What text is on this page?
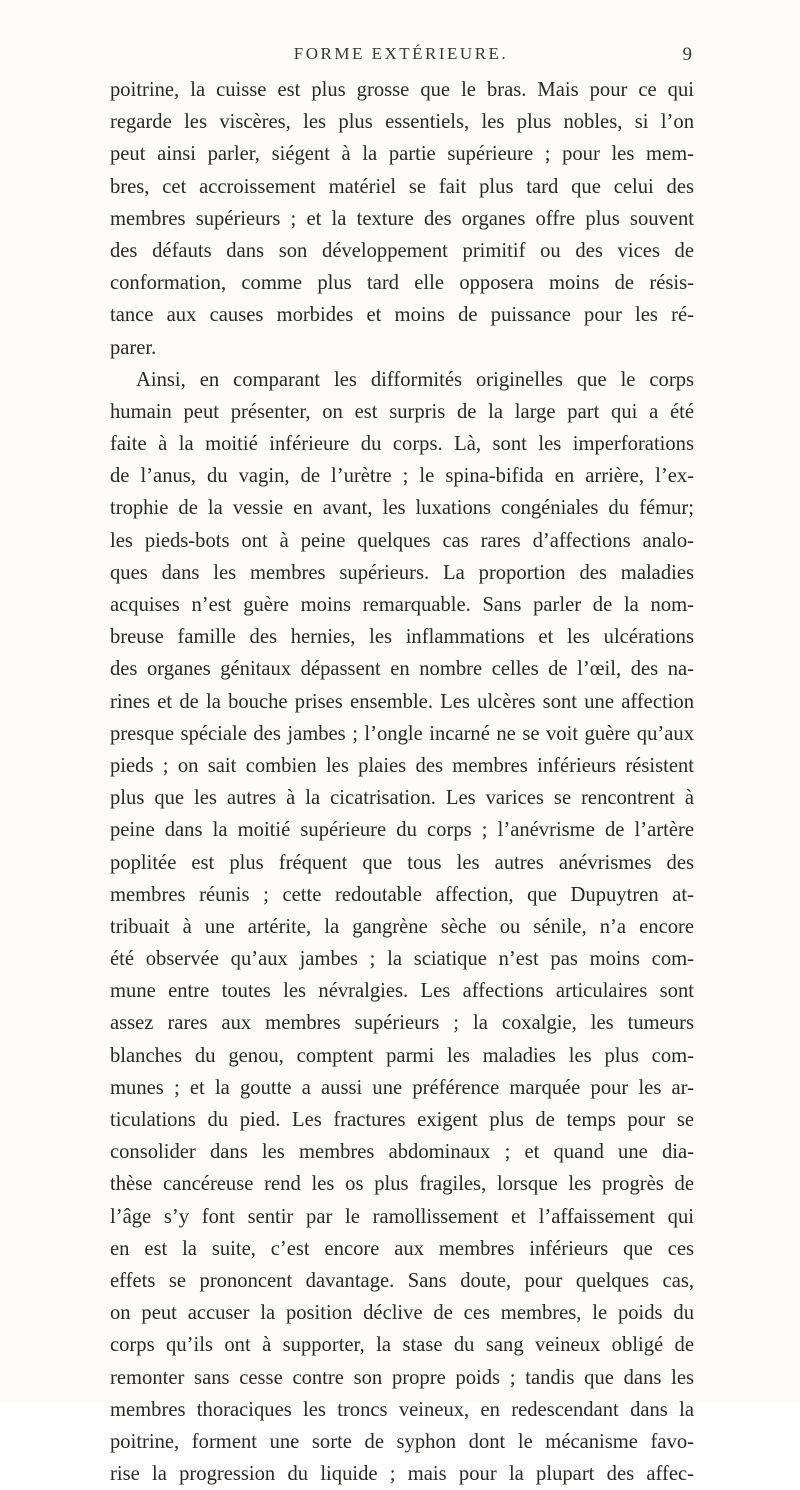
FORME EXTÉRIEURE.	9
poitrine, la cuisse est plus grosse que le bras. Mais pour ce qui
regarde les viscères, les plus essentiels, les plus nobles, si l’on
peut ainsi parler, siégent à la partie supérieure ; pour les mem-
bres, cet accroissement matériel se fait plus tard que celui des
membres supérieurs ; et la texture des organes offre plus souvent
des défauts dans son développement primitif ou des vices de
conformation, comme plus tard elle opposera moins de résis-
tance aux causes morbides et moins de puissance pour les ré-
parer.
Ainsi, en comparant les difformités originelles que le corps
humain peut présenter, on est surpris de la large part qui a été
faite à la moitié inférieure du corps. Là, sont les imperforations
de l’anus, du vagin, de l’urètre ; le spina-bifida en arrière, l’ex-
trophie de la vessie en avant, les luxations congéniales du fémur;
les pieds-bots ont à peine quelques cas rares d’affections analo-
ques dans les membres supérieurs. La proportion des maladies
acquises n’est guère moins remarquable. Sans parler de la nom-
breuse famille des hernies, les inflammations et les ulcérations
des organes génitaux dépassent en nombre celles de l’œil, des na-
rines et de la bouche prises ensemble. Les ulcères sont une affection
presque spéciale des jambes ; l’ongle incarné ne se voit guère qu’aux
pieds ; on sait combien les plaies des membres inférieurs résistent
plus que les autres à la cicatrisation. Les varices se rencontrent à
peine dans la moitié supérieure du corps ; l’anévrisme de l’artère
poplitée est plus fréquent que tous les autres anévrismes des
membres réunis ; cette redoutable affection, que Dupuytren at-
tribuait à une artérite, la gangrène sèche ou sénile, n’a encore
été observée qu’aux jambes ; la sciatique n’est pas moins com-
mune entre toutes les névralgies. Les affections articulaires sont
assez rares aux membres supérieurs ; la coxalgie, les tumeurs
blanches du genou, comptent parmi les maladies les plus com-
munes ; et la goutte a aussi une préférence marquée pour les ar-
ticulations du pied. Les fractures exigent plus de temps pour se
consolider dans les membres abdominaux ; et quand une dia-
thèse cancéreuse rend les os plus fragiles, lorsque les progrès de
l’âge s’y font sentir par le ramollissement et l’affaissement qui
en est la suite, c’est encore aux membres inférieurs que ces
effets se prononcent davantage. Sans doute, pour quelques cas,
on peut accuser la position déclive de ces membres, le poids du
corps qu’ils ont à supporter, la stase du sang veineux obligé de
remonter sans cesse contre son propre poids ; tandis que dans les
membres thoraciques les troncs veineux, en redescendant dans la
poitrine, forment une sorte de syphon dont le mécanisme favo-
rise la progression du liquide ; mais pour la plupart des affec-
